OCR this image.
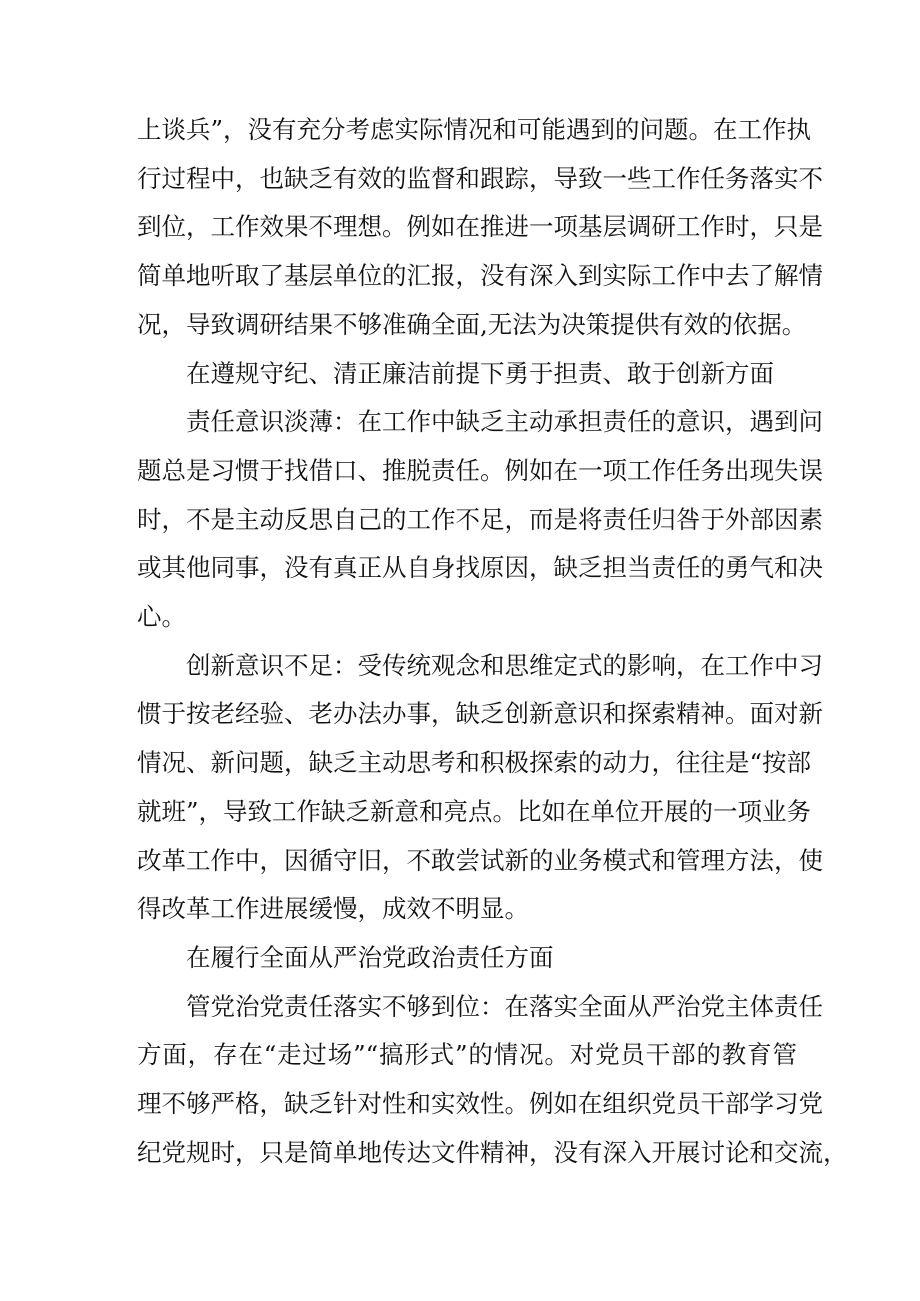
上谈兵”，没有充分考虑实际情况和可能遇到的问题。在工作执
行过程中，也缺乏有效的监督和跟踪，导致一些工作任务落实不
到位，工作效果不理想。例如在推进一项基层调研工作时，只是
简单地听取了基层单位的汇报，没有深入到实际工作中去了解情
况，导致调研结果不够准确全面,无法为决策提供有效的依据。

在遵规守纪、清正廉洁前提下勇于担责、敢于创新方面

责任意识淡薄：在工作中缺乏主动承担责任的意识，遇到问
题总是习惯于找借口、推脱责任。例如在一项工作任务出现失误
时，不是主动反思自己的工作不足，而是将责任归咎于外部因素
或其他同事，没有真正从自身找原因，缺乏担当责任的勇气和决
心。

创新意识不足：受传统观念和思维定式的影响，在工作中习
惯于按老经验、老办法办事，缺乏创新意识和探索精神。面对新
情况、新问题，缺乏主动思考和积极探索的动力，往往是“按部
就班”，导致工作缺乏新意和亮点。比如在单位开展的一项业务
改革工作中，因循守旧，不敢尝试新的业务模式和管理方法，使
得改革工作进展缓慢，成效不明显。

在履行全面从严治党政治责任方面

管党治党责任落实不够到位：在落实全面从严治党主体责任
方面，存在“走过场”“搞形式”的情况。对党员干部的教育管
理不够严格，缺乏针对性和实效性。例如在组织党员干部学习党
纪党规时，只是简单地传达文件精神，没有深入开展讨论和交流，
